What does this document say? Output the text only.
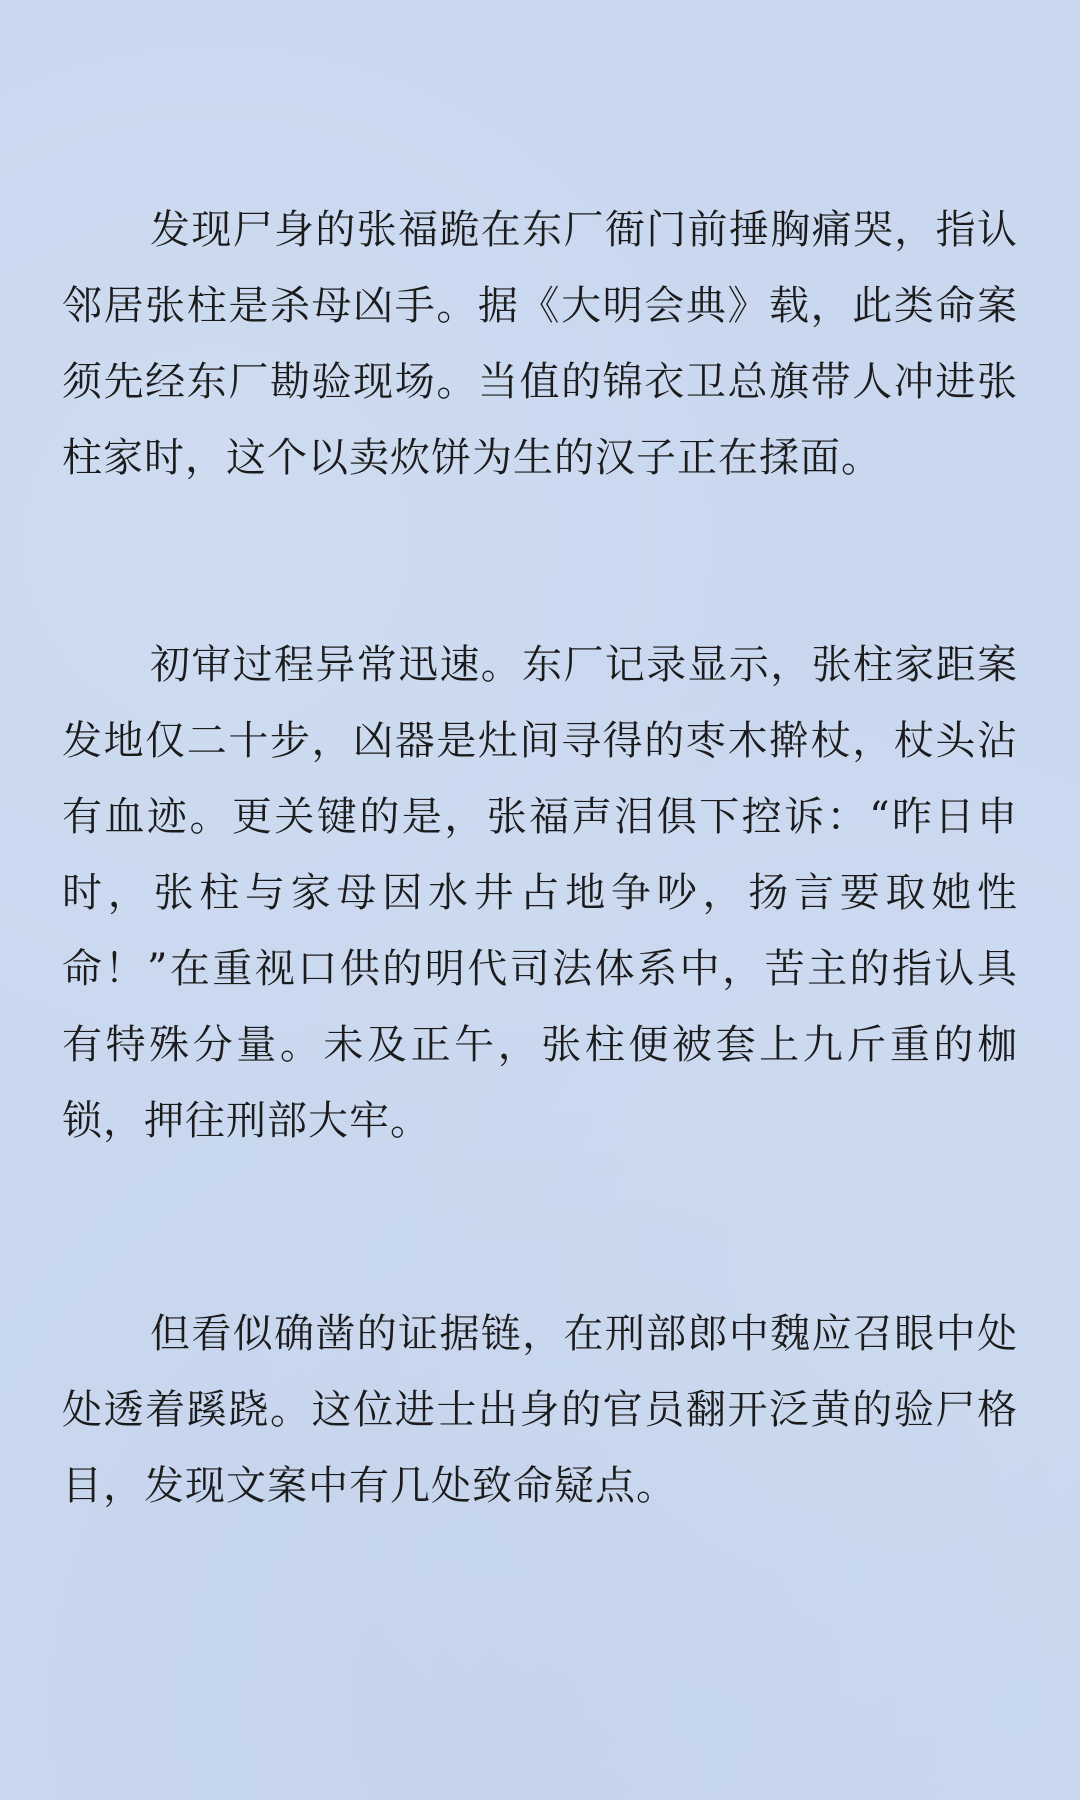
发现尸身的张福跪在东厂衙门前捶胸痛哭，指认邻居张柱是杀母凶手。据《大明会典》载，此类命案须先经东厂勘验现场。当值的锦衣卫总旗带人冲进张柱家时，这个以卖炊饼为生的汉子正在揉面。

初审过程异常迅速。东厂记录显示，张柱家距案发地仅二十步，凶器是灶间寻得的枣木擀杖，杖头沾有血迹。更关键的是，张福声泪俱下控诉：“昨日申时，张柱与家母因水井占地争吵，扬言要取她性命！”在重视口供的明代司法体系中，苦主的指认具有特殊分量。未及正午，张柱便被套上九斤重的枷锁，押往刑部大牢。

但看似确凿的证据链，在刑部郎中魏应召眼中处处透着蹊跷。这位进士出身的官员翻开泛黄的验尸格目，发现文案中有几处致命疑点。
